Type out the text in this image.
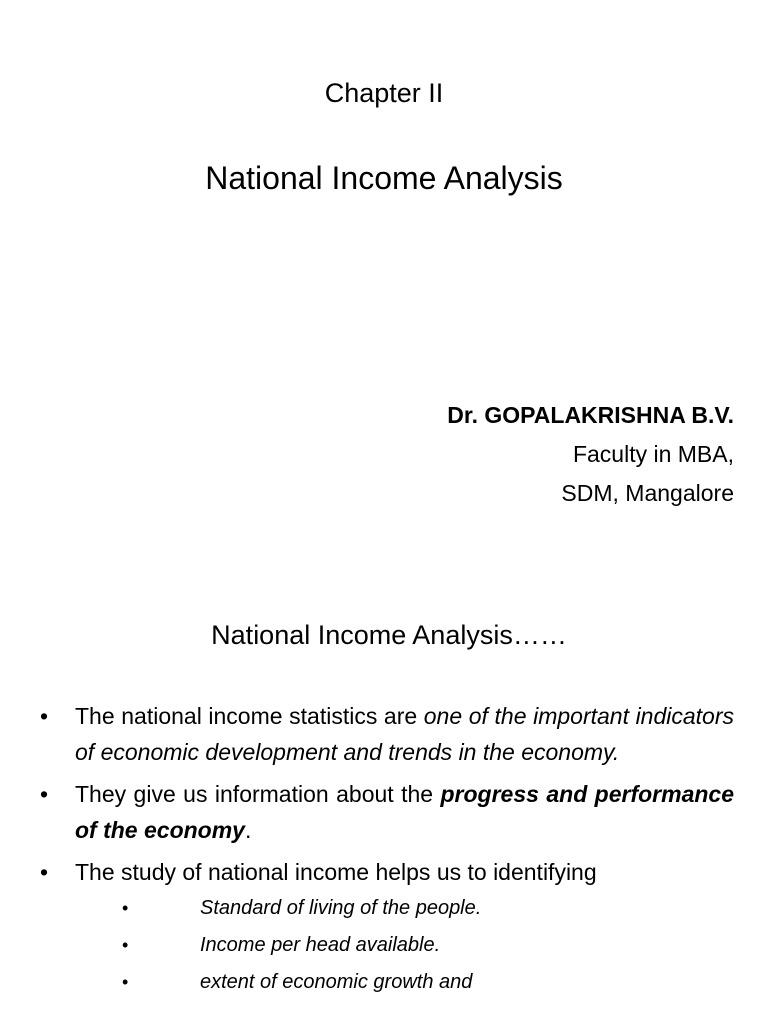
Chapter II
National Income Analysis
Dr. GOPALAKRISHNA B.V.
Faculty in MBA,
SDM, Mangalore
National Income Analysis……
• The national income statistics are one of the important indicators of economic development and trends in the economy.
• They give us information about the progress and performance of the economy.
• The study of national income helps us to identifying
•	Standard of living of the people.
•	Income per head available.
•	extent of economic growth and
